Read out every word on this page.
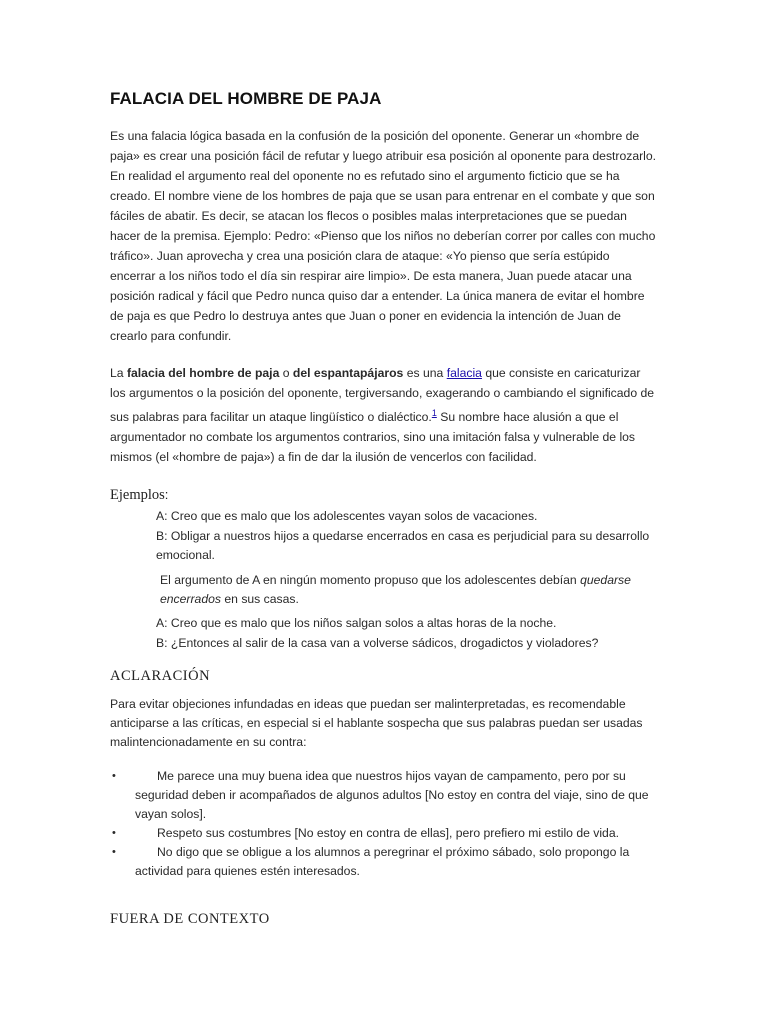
FALACIA DEL HOMBRE DE PAJA

Es una falacia lógica basada en la confusión de la posición del oponente. Generar un «hombre de paja» es crear una posición fácil de refutar y luego atribuir esa posición al oponente para destrozarlo. En realidad el argumento real del oponente no es refutado sino el argumento ficticio que se ha creado. El nombre viene de los hombres de paja que se usan para entrenar en el combate y que son fáciles de abatir. Es decir, se atacan los flecos o posibles malas interpretaciones que se puedan hacer de la premisa. Ejemplo: Pedro: «Pienso que los niños no deberían correr por calles con mucho tráfico». Juan aprovecha y crea una posición clara de ataque: «Yo pienso que sería estúpido encerrar a los niños todo el día sin respirar aire limpio». De esta manera, Juan puede atacar una posición radical y fácil que Pedro nunca quiso dar a entender. La única manera de evitar el hombre de paja es que Pedro lo destruya antes que Juan o poner en evidencia la intención de Juan de crearlo para confundir.

La falacia del hombre de paja o del espantapájaros es una falacia que consiste en caricaturizar los argumentos o la posición del oponente, tergiversando, exagerando o cambiando el significado de sus palabras para facilitar un ataque lingüístico o dialéctico.$^1$ Su nombre hace alusión a que el argumentador no combate los argumentos contrarios, sino una imitación falsa y vulnerable de los mismos (el «hombre de paja») a fin de dar la ilusión de vencerlos con facilidad.

Ejemplos:

A: Creo que es malo que los adolescentes vayan solos de vacaciones.

B: Obligar a nuestros hijos a quedarse encerrados en casa es perjudicial para su desarrollo emocional.

El argumento de A en ningún momento propuso que los adolescentes debían quedarse encerrados en sus casas.

A: Creo que es malo que los niños salgan solos a altas horas de la noche.

B: ¿Entonces al salir de la casa van a volverse sádicos, drogadictos y violadores?

ACLARACIÓN

Para evitar objeciones infundadas en ideas que puedan ser malinterpretadas, es recomendable anticiparse a las críticas, en especial si el hablante sospecha que sus palabras puedan ser usadas malintencionadamente en su contra:

•	Me parece una muy buena idea que nuestros hijos vayan de campamento, pero por su seguridad deben ir acompañados de algunos adultos [No estoy en contra del viaje, sino de que vayan solos].
•	Respeto sus costumbres [No estoy en contra de ellas], pero prefiero mi estilo de vida.
•	No digo que se obligue a los alumnos a peregrinar el próximo sábado, solo propongo la actividad para quienes estén interesados.
FUERA DE CONTEXTO
